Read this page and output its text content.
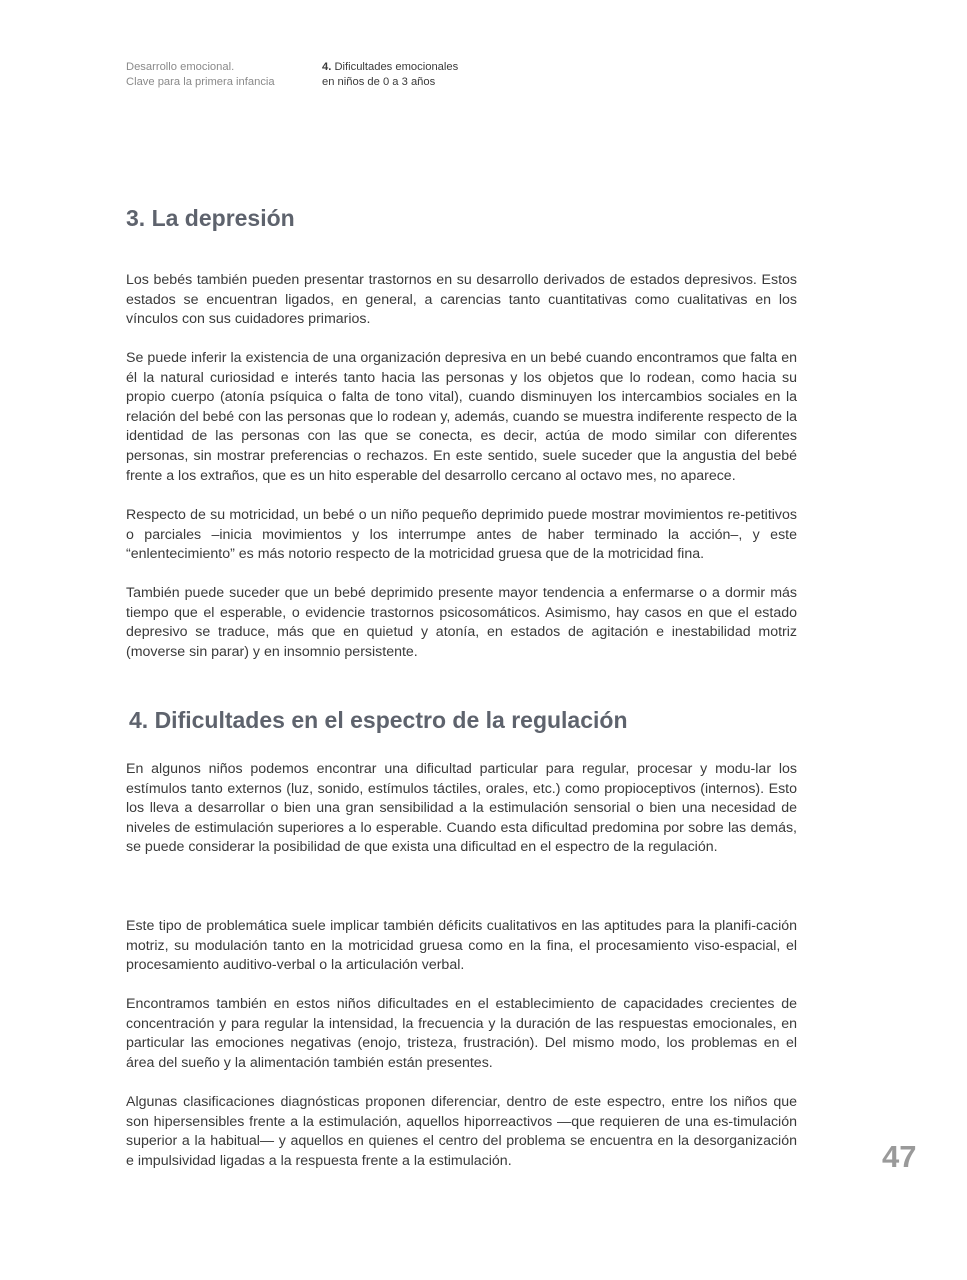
Desarrollo emocional.
Clave para la primera infancia
4. Dificultades emocionales
en niños de 0 a 3 años
3. La depresión

Los bebés también pueden presentar trastornos en su desarrollo derivados de estados depresivos. Estos estados se encuentran ligados, en general, a carencias tanto cuantitativas como cualitativas en los vínculos con sus cuidadores primarios.

Se puede inferir la existencia de una organización depresiva en un bebé cuando encontramos que falta en él la natural curiosidad e interés tanto hacia las personas y los objetos que lo rodean, como hacia su propio cuerpo (atonía psíquica o falta de tono vital), cuando disminuyen los intercambios sociales en la relación del bebé con las personas que lo rodean y, además, cuando se muestra indiferente respecto de la identidad de las personas con las que se conecta, es decir, actúa de modo similar con diferentes personas, sin mostrar preferencias o rechazos. En este sentido, suele suceder que la angustia del bebé frente a los extraños, que es un hito esperable del desarrollo cercano al octavo mes, no aparece.

Respecto de su motricidad, un bebé o un niño pequeño deprimido puede mostrar movimientos re-petitivos o parciales –inicia movimientos y los interrumpe antes de haber terminado la acción–, y este “enlentecimiento” es más notorio respecto de la motricidad gruesa que de la motricidad fina.

También puede suceder que un bebé deprimido presente mayor tendencia a enfermarse o a dormir más tiempo que el esperable, o evidencie trastornos psicosomáticos. Asimismo, hay casos en que el estado depresivo se traduce, más que en quietud y atonía, en estados de agitación e inestabilidad motriz (moverse sin parar) y en insomnio persistente.

4. Dificultades en el espectro de la regulación

En algunos niños podemos encontrar una dificultad particular para regular, procesar y modu-lar los estímulos tanto externos (luz, sonido, estímulos táctiles, orales, etc.) como propioceptivos (internos). Esto los lleva a desarrollar o bien una gran sensibilidad a la estimulación sensorial o bien una necesidad de niveles de estimulación superiores a lo esperable. Cuando esta dificultad predomina por sobre las demás, se puede considerar la posibilidad de que exista una dificultad en el espectro de la regulación.

Este tipo de problemática suele implicar también déficits cualitativos en las aptitudes para la planifi-cación motriz, su modulación tanto en la motricidad gruesa como en la fina, el procesamiento viso-espacial, el procesamiento auditivo-verbal o la articulación verbal.

Encontramos también en estos niños dificultades en el establecimiento de capacidades crecientes de concentración y para regular la intensidad, la frecuencia y la duración de las respuestas emocionales, en particular las emociones negativas (enojo, tristeza, frustración). Del mismo modo, los problemas en el área del sueño y la alimentación también están presentes.

Algunas clasificaciones diagnósticas proponen diferenciar, dentro de este espectro, entre los niños que son hipersensibles frente a la estimulación, aquellos hiporreactivos —que requieren de una es-timulación superior a la habitual— y aquellos en quienes el centro del problema se encuentra en la desorganización e impulsividad ligadas a la respuesta frente a la estimulación.	47
